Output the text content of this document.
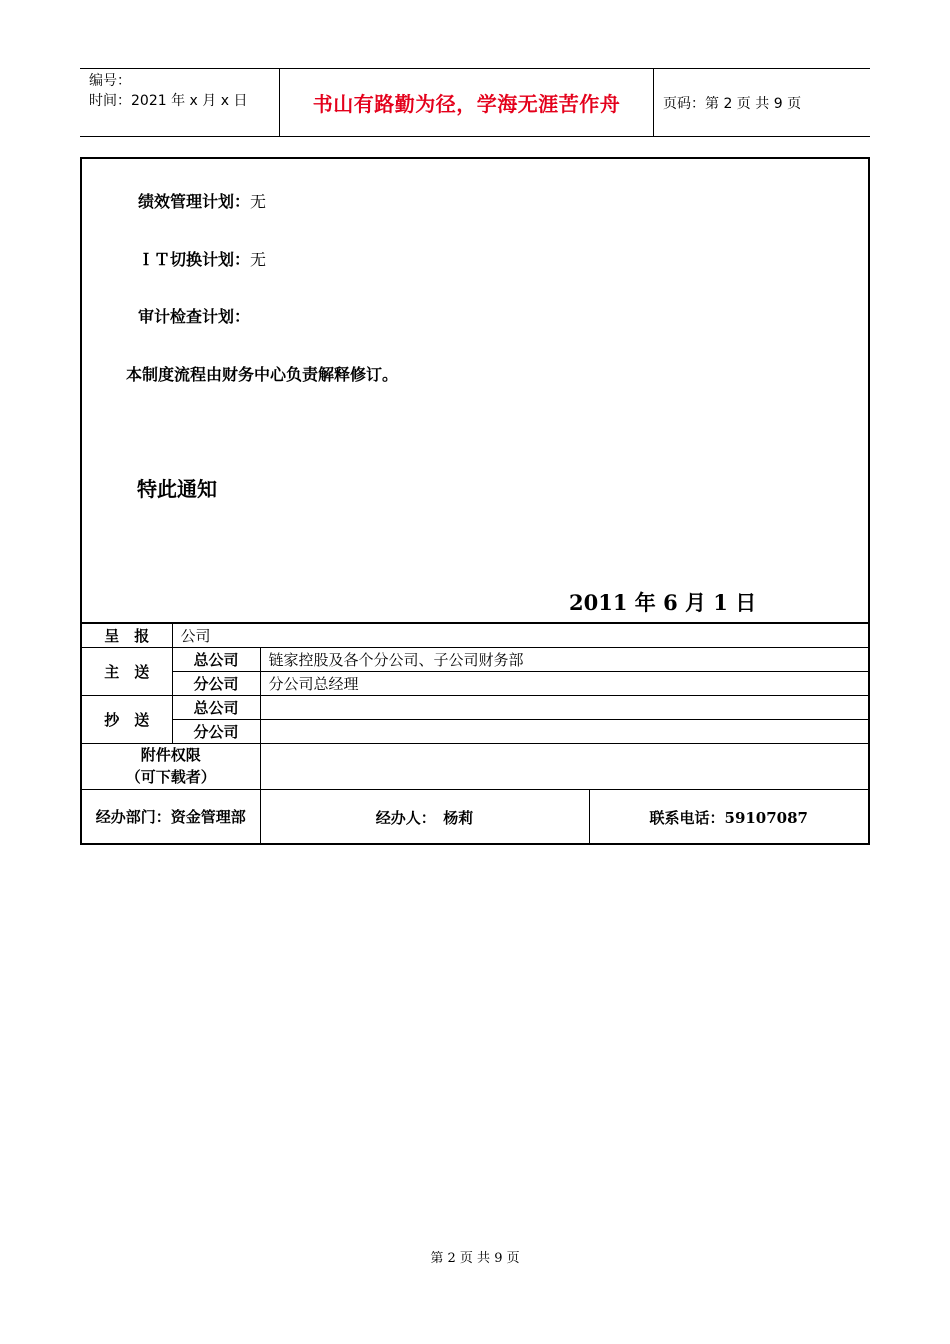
编号：
时间：2021 年 x 月 x 日	书山有路勤为径，学海无涯苦作舟	页码：第 2 页 共 9 页
绩效管理计划：无
ＩＴ切换计划：无
审计检查计划：
本制度流程由财务中心负责解释修订。
特此通知
2011 年 6 月 1 日
呈　报	公司		
主　送	总公司	链家控股及各个分公司、子公司财务部	
	分公司	分公司总经理	
抄　送	总公司		
	分公司		

附件权限
（可下载者）			

经办部门：资金管理部		经办人：　杨莉	联系电话：59107087
第 2 页 共 9 页
